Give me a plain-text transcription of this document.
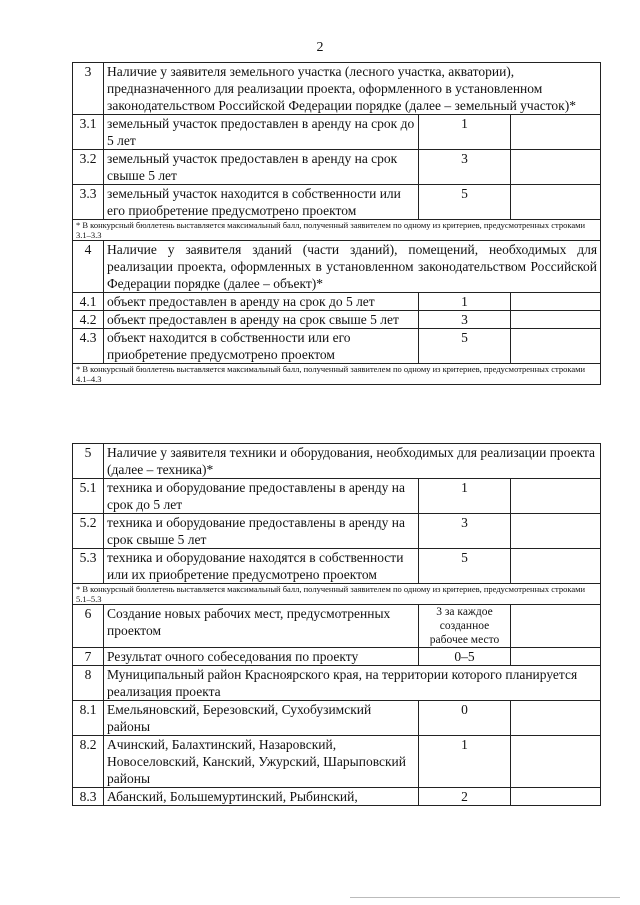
2
3	Наличие у заявителя земельного участка (лесного участка, акватории), предназначенного для реализации проекта, оформленного в установленном законодательством Российской Федерации порядке (далее – земельный участок)*		
3.1	земельный участок предоставлен в аренду на срок до 5 лет	1	
3.2	земельный участок предоставлен в аренду на срок свыше 5 лет	3	
3.3	земельный участок находится в собственности или его приобретение предусмотрено проектом	5	
* В конкурсный бюллетень выставляется максимальный балл, полученный заявителем по одному из критериев, предусмотренных строками 3.1–3.3			
4	Наличие у заявителя зданий (части зданий), помещений, необходимых для реализации проекта, оформленных в установленном законодательством Российской Федерации порядке (далее – объект)*		
4.1	объект предоставлен в аренду на срок до 5 лет	1	
4.2	объект предоставлен в аренду на срок свыше 5 лет	3	
4.3	объект находится в собственности или его приобретение предусмотрено проектом	5	
* В конкурсный бюллетень выставляется максимальный балл, полученный заявителем по одному из критериев, предусмотренных строками 4.1–4.3			
5	Наличие у заявителя техники и оборудования, необходимых для реализации проекта (далее – техника)*		
5.1	техника и оборудование предоставлены в аренду на срок до 5 лет	1	
5.2	техника и оборудование предоставлены в аренду на срок свыше 5 лет	3	
5.3	техника и оборудование находятся в собственности или их приобретение предусмотрено проектом	5	
* В конкурсный бюллетень выставляется максимальный балл, полученный заявителем по одному из критериев, предусмотренных строками 5.1–5.3			
6	Создание новых рабочих мест, предусмотренных проектом	3 за каждое созданное рабочее место	
7	Результат очного собеседования по проекту	0–5	
8	Муниципальный район Красноярского края, на территории которого планируется реализация проекта		
8.1	Емельяновский, Березовский, Сухобузимский районы	0	
8.2	Ачинский, Балахтинский, Назаровский, Новоселовский, Канский, Ужурский, Шарыповский районы	1	
8.3	Абанский, Большемуртинский, Рыбинский,	2	
